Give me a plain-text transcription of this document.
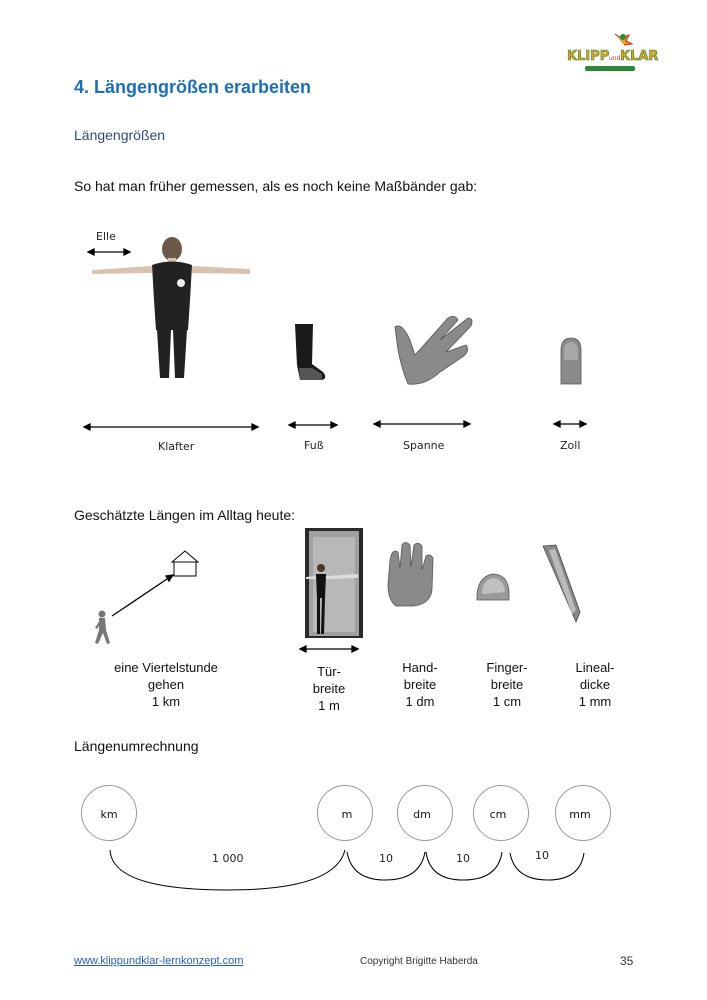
4. Längengrößen erarbeiten
KLIPP und KLAR
Längengrößen
So hat man früher gemessen, als es noch keine Maßbänder gab:
Elle
Klafter	Fuß	Spanne	Zoll
Geschätzte Längen im Alltag heute:
eine Viertelstunde
gehen
1 km
Tür-
breite
1 m
Hand-
breite
1 dm
Finger-
breite
1 cm
Lineal-
dicke
1 mm
Längenumrechnung
km	m	dm	cm	mm
1 000	10	10	10
www.klippundklar-lernkonzept.com	Copyright Brigitte Haberda	35
